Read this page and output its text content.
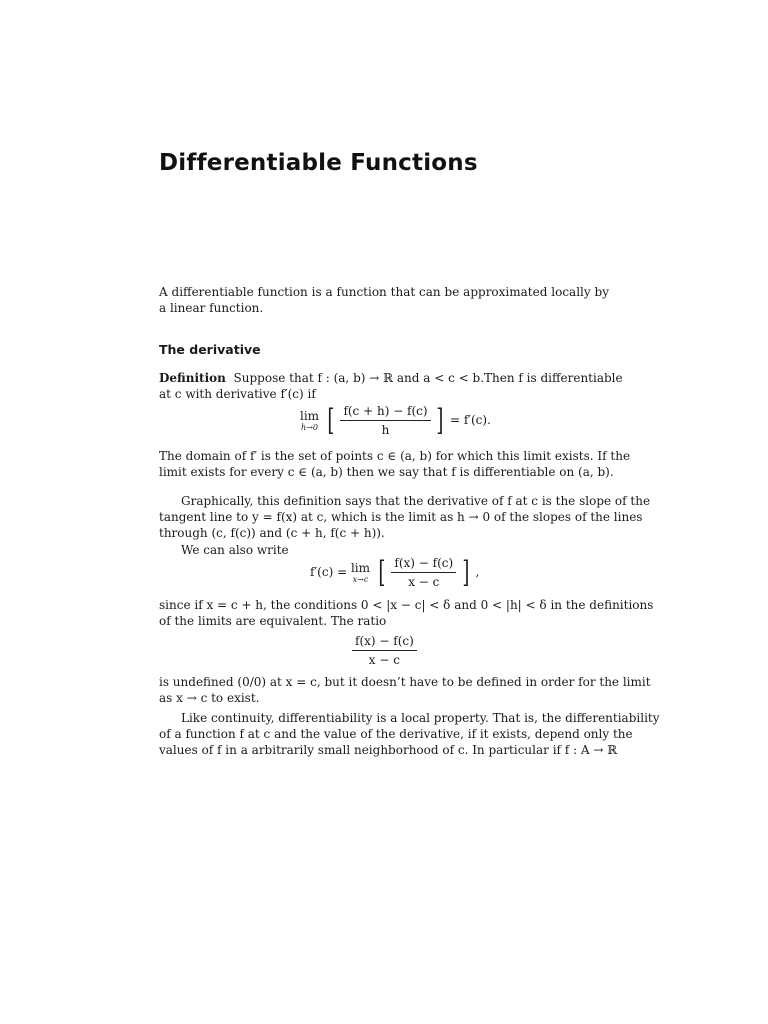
Differentiable Functions
A differentiable function is a function that can be approximated locally by a linear function.
The derivative
Definition Suppose that f : (a, b) → ℝ and a < c < b. Then f is differentiable
at c with derivative f′(c) if
lim
h→0 [ $\frac{f(c + h) - f(c)}{h}$ ] = f′(c).
The domain of f′ is the set of points c ∈ (a, b) for which this limit exists. If the
limit exists for every c ∈ (a, b) then we say that f is differentiable on (a, b).
Graphically, this definition says that the derivative of f at c is the slope of the
tangent line to y = f(x) at c, which is the limit as h → 0 of the slopes of the lines
through (c, f(c)) and (c + h, f(c + h)).
We can also write
f′(c) = lim
x→c [ $\frac{f(x) - f(c)}{x - c}$ ] ,
since if x = c + h, the conditions 0 < |x − c| < δ and 0 < |h| < δ in the definitions
of the limits are equivalent. The ratio
$\frac{f(x) - f(c)}{x - c}$
is undefined (0/0) at x = c, but it doesn’t have to be defined in order for the limit
as x → c to exist.
Like continuity, differentiability is a local property. That is, the differentiability
of a function f at c and the value of the derivative, if it exists, depend only the
values of f in a arbitrarily small neighborhood of c. In particular if f : A → ℝ
